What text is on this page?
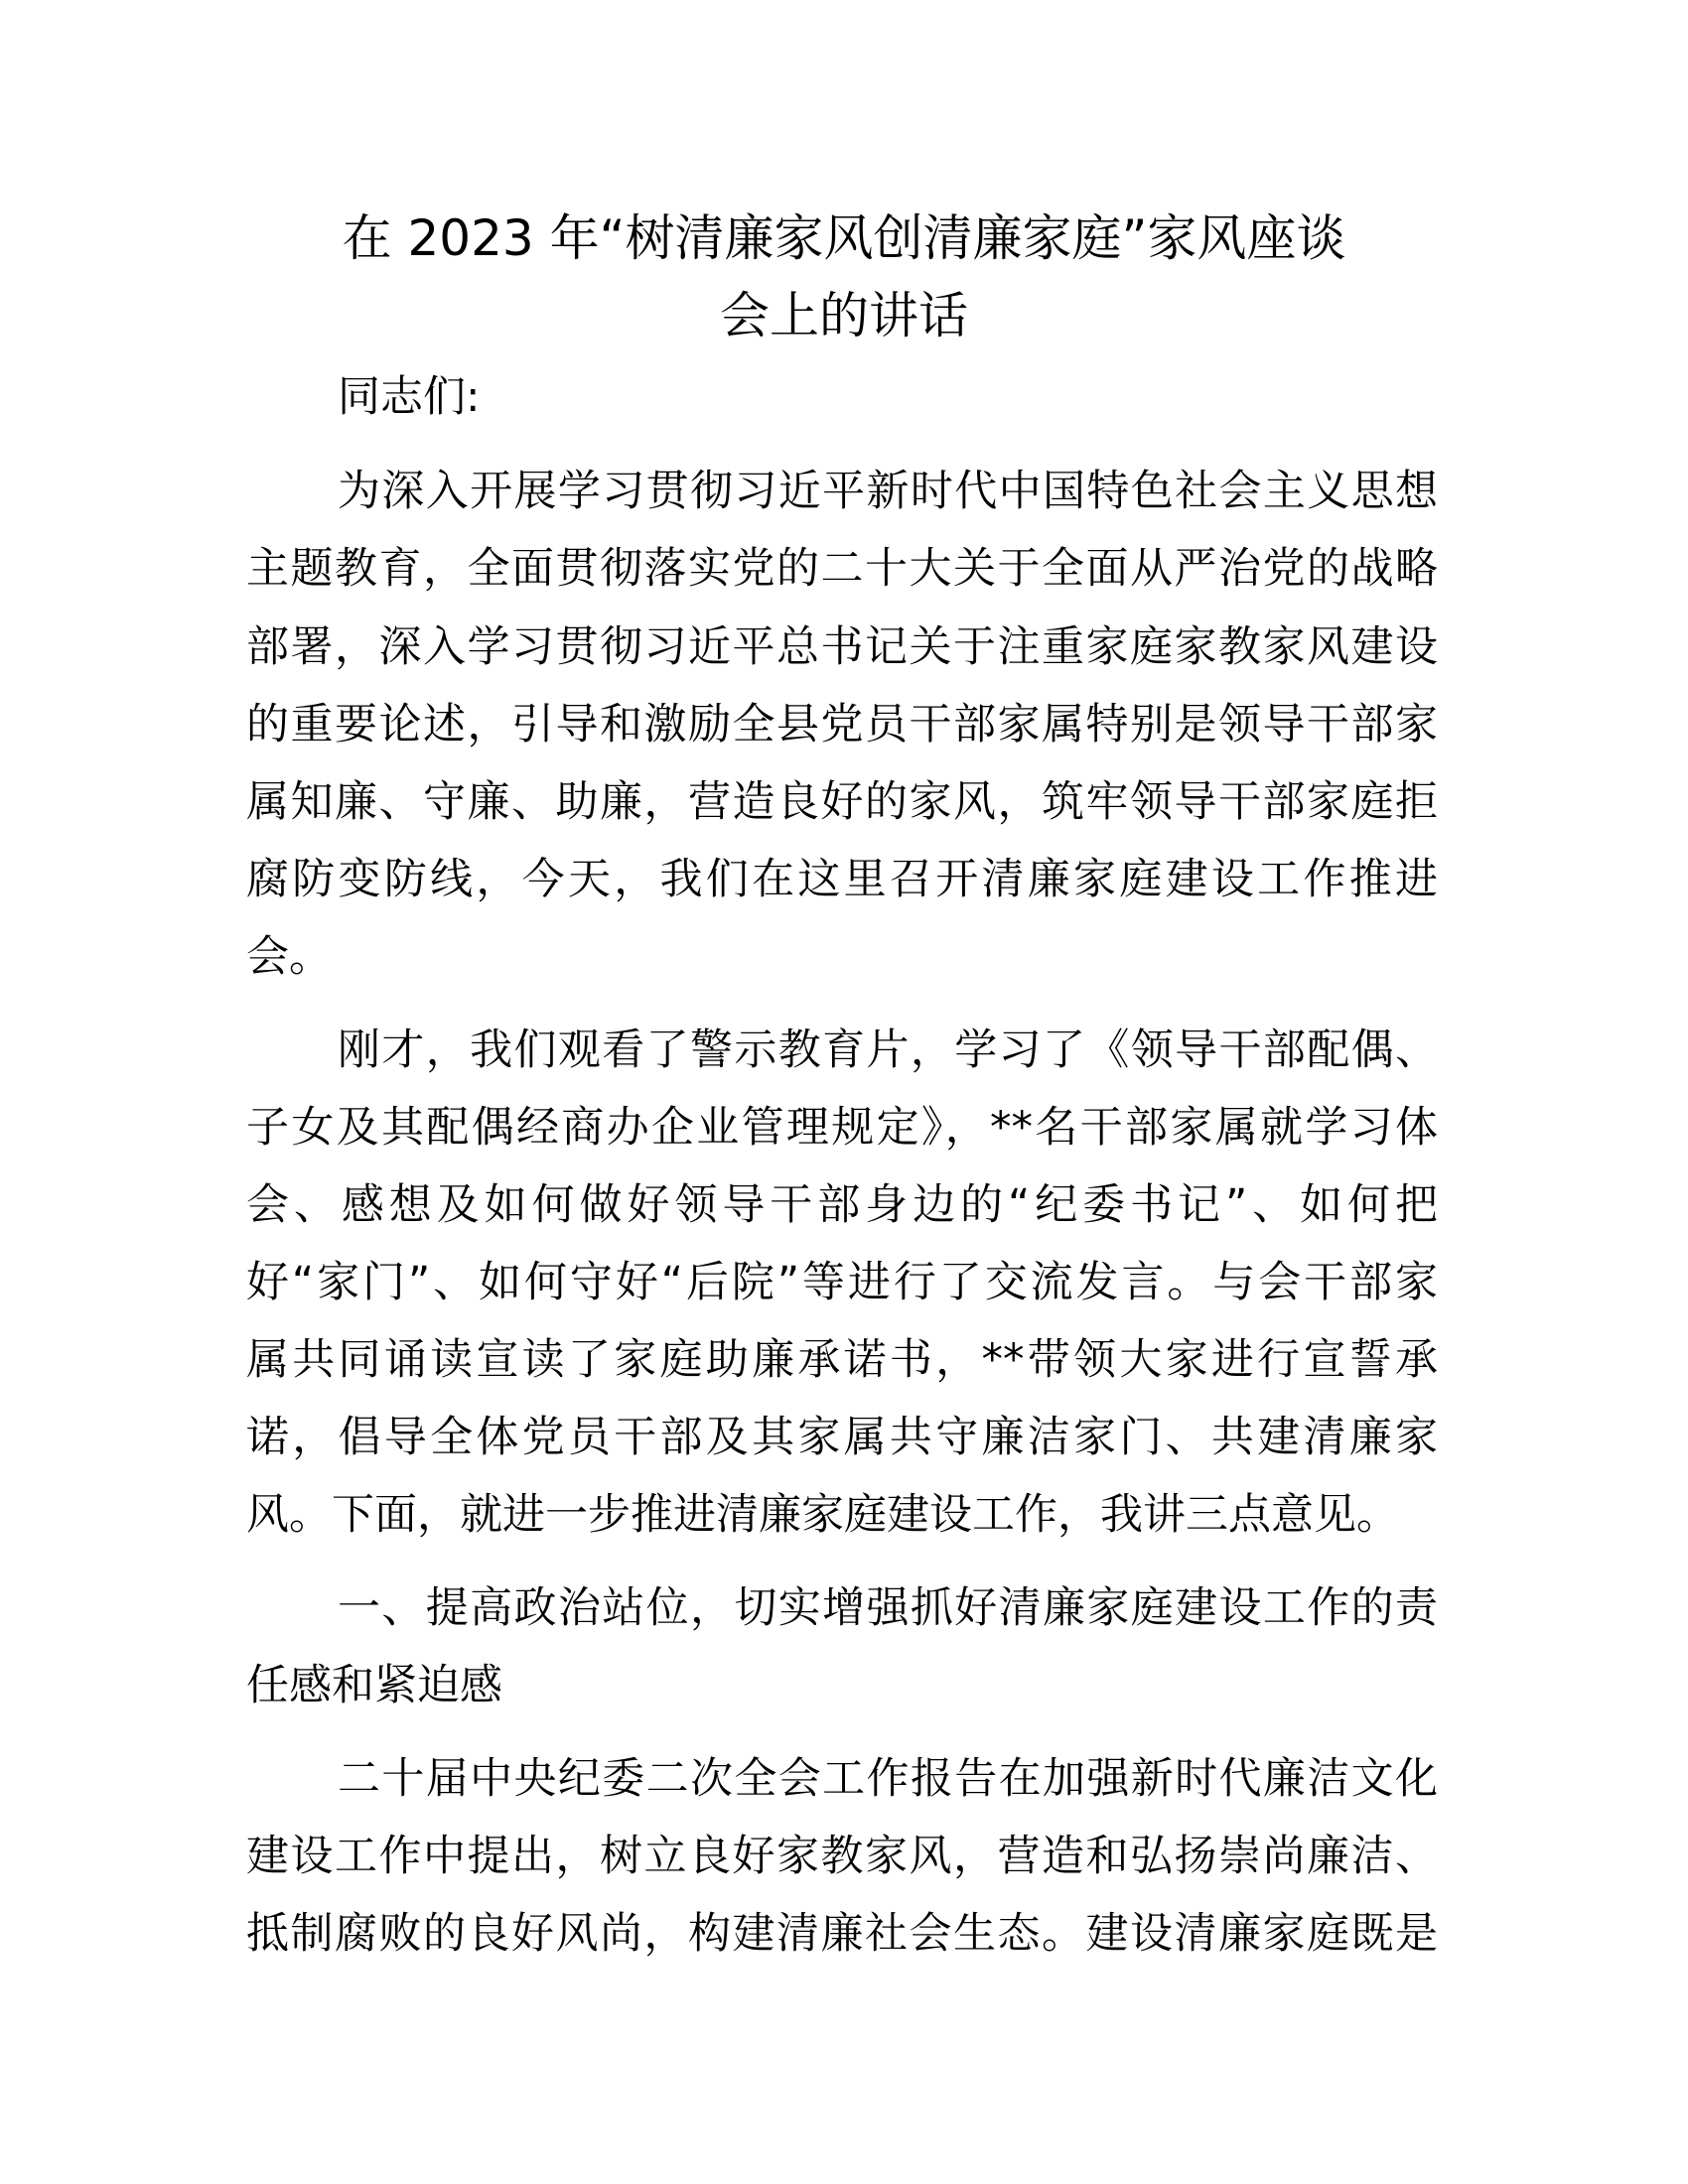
在 2023 年“树清廉家风创清廉家庭”家风座谈
会上的讲话
同志们:
为深入开展学习贯彻习近平新时代中国特色社会主义思想
主题教育，全面贯彻落实党的二十大关于全面从严治党的战略
部署，深入学习贯彻习近平总书记关于注重家庭家教家风建设
的重要论述，引导和激励全县党员干部家属特别是领导干部家
属知廉、守廉、助廉，营造良好的家风，筑牢领导干部家庭拒
腐防变防线，今天，我们在这里召开清廉家庭建设工作推进
会。
刚才，我们观看了警示教育片，学习了《领导干部配偶、
子女及其配偶经商办企业管理规定》，**名干部家属就学习体
会、感想及如何做好领导干部身边的“纪委书记”、如何把
好“家门”、如何守好“后院”等进行了交流发言。与会干部家
属共同诵读宣读了家庭助廉承诺书，**带领大家进行宣誓承
诺，倡导全体党员干部及其家属共守廉洁家门、共建清廉家
风。下面，就进一步推进清廉家庭建设工作，我讲三点意见。
一、提高政治站位，切实增强抓好清廉家庭建设工作的责
任感和紧迫感
二十届中央纪委二次全会工作报告在加强新时代廉洁文化
建设工作中提出，树立良好家教家风，营造和弘扬崇尚廉洁、
抵制腐败的良好风尚，构建清廉社会生态。建设清廉家庭既是
